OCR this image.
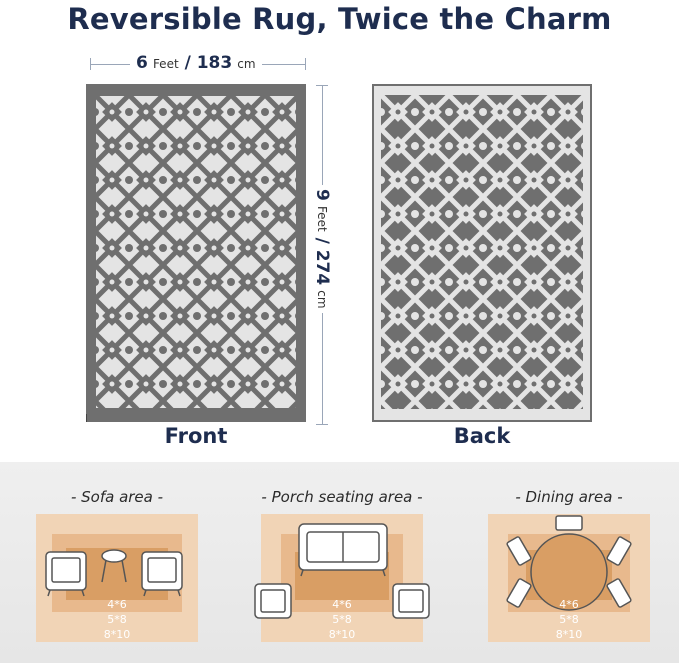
Reversible Rug, Twice the Charm
6 Feet / 183 cm
9 Feet / 274 cm
Front	Back
- Sofa area -
4*6
5*8
8*10
- Porch seating area -
4*6
5*8
8*10
- Dining area -
4*6
5*8
8*10
